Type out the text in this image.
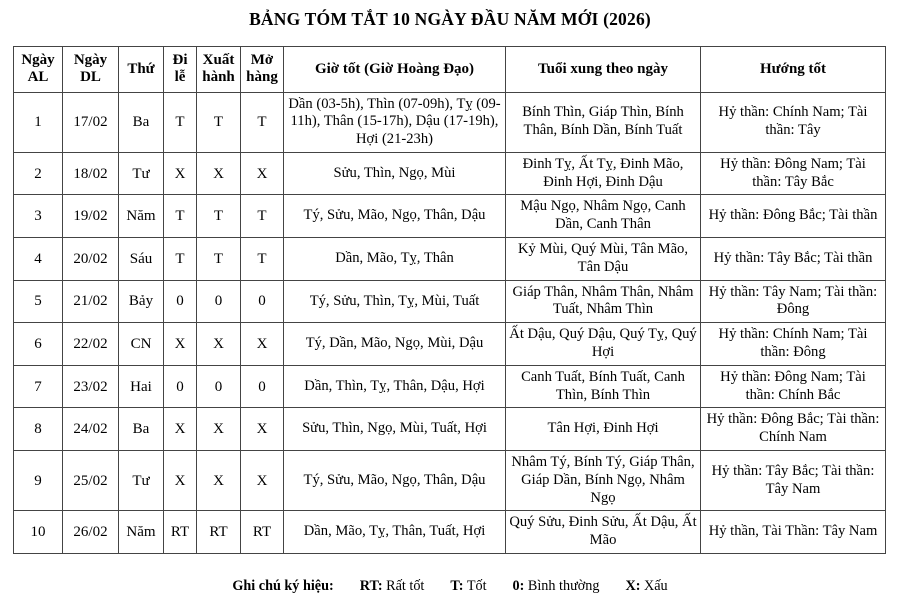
BẢNG TÓM TẮT 10 NGÀY ĐẦU NĂM MỚI (2026)
Ngày AL	Ngày DL	Thứ	Đi lễ	Xuất hành	Mở hàng	Giờ tốt (Giờ Hoàng Đạo)	Tuổi xung theo ngày	Hướng tốt
1	17/02	Ba	T	T	T	Dần (03-5h), Thìn (07-09h), Tỵ (09-11h), Thân (15-17h), Dậu (17-19h), Hợi (21-23h)	Bính Thìn, Giáp Thìn, Bính Thân, Bính Dần, Bính Tuất	Hỷ thần: Chính Nam; Tài thần: Tây
2	18/02	Tư	X	X	X	Sửu, Thìn, Ngọ, Mùi	Đinh Tỵ, Ất Tỵ, Đinh Mão, Đinh Hợi, Đinh Dậu	Hỷ thần: Đông Nam; Tài thần: Tây Bắc
3	19/02	Năm	T	T	T	Tý, Sửu, Mão, Ngọ, Thân, Dậu	Mậu Ngọ, Nhâm Ngọ, Canh Dần, Canh Thân	Hỷ thần: Đông Bắc; Tài thần
4	20/02	Sáu	T	T	T	Dần, Mão, Tỵ, Thân	Kỷ Mùi, Quý Mùi, Tân Mão, Tân Dậu	Hỷ thần: Tây Bắc; Tài thần
5	21/02	Bảy	0	0	0	Tý, Sửu, Thìn, Tỵ, Mùi, Tuất	Giáp Thân, Nhâm Thân, Nhâm Tuất, Nhâm Thìn	Hỷ thần: Tây Nam; Tài thần: Đông
6	22/02	CN	X	X	X	Tý, Dần, Mão, Ngọ, Mùi, Dậu	Ất Dậu, Quý Dậu, Quý Tỵ, Quý Hợi	Hỷ thần: Chính Nam; Tài thần: Đông
7	23/02	Hai	0	0	0	Dần, Thìn, Tỵ, Thân, Dậu, Hợi	Canh Tuất, Bính Tuất, Canh Thìn, Bính Thìn	Hỷ thần: Đông Nam; Tài thần: Chính Bắc
8	24/02	Ba	X	X	X	Sửu, Thìn, Ngọ, Mùi, Tuất, Hợi	Tân Hợi, Đinh Hợi	Hỷ thần: Đông Bắc; Tài thần: Chính Nam
9	25/02	Tư	X	X	X	Tý, Sửu, Mão, Ngọ, Thân, Dậu	Nhâm Tý, Bính Tý, Giáp Thân, Giáp Dần, Bính Ngọ, Nhâm Ngọ	Hỷ thần: Tây Bắc; Tài thần: Tây Nam
10	26/02	Năm	RT	RT	RT	Dần, Mão, Tỵ, Thân, Tuất, Hợi	Quý Sửu, Đinh Sửu, Ất Dậu, Ất Mão	Hỷ thần, Tài Thần: Tây Nam
Ghi chú ký hiệu: RT: Rất tốt T: Tốt 0: Bình thường X: Xấu
